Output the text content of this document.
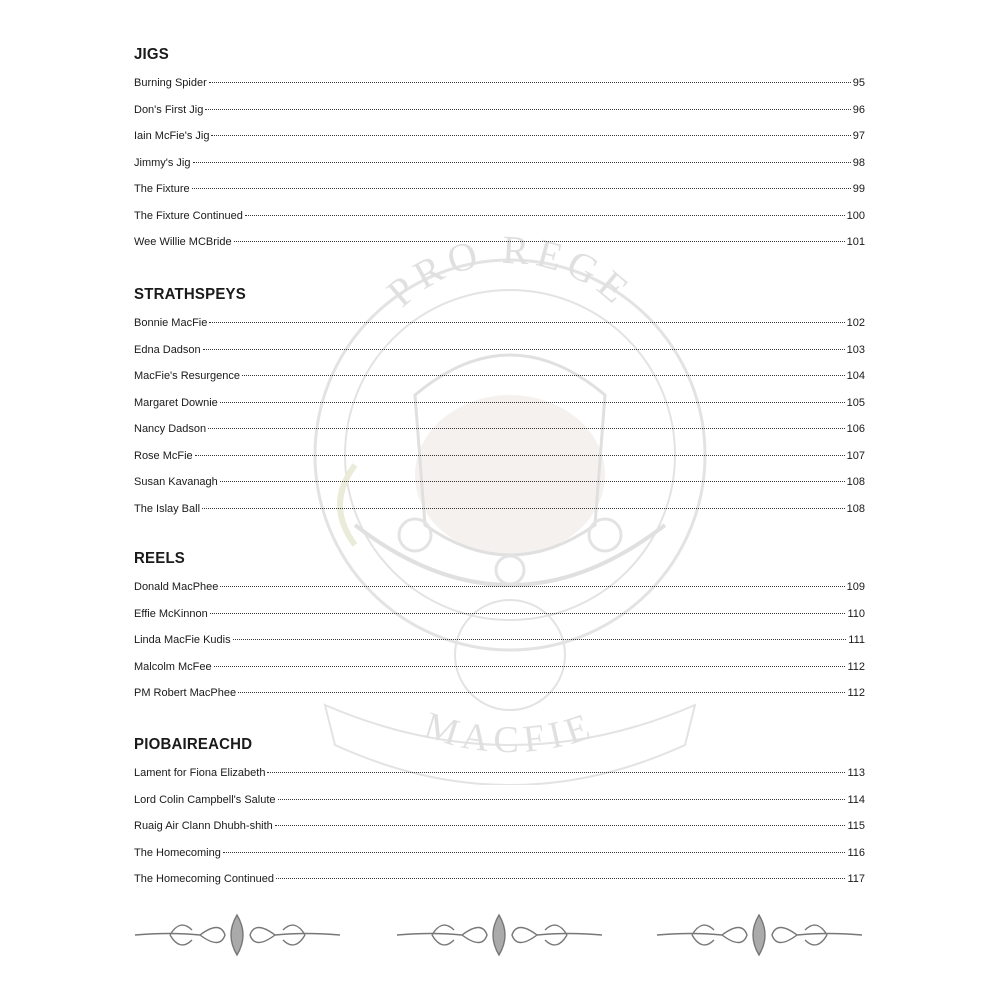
PRO REGE
MACFIE
JIGS
Burning Spider	95
Don's First Jig	96
Iain McFie's Jig	97
Jimmy's Jig	98
The Fixture	99
The Fixture Continued	100
Wee Willie MCBride	101
STRATHSPEYS
Bonnie MacFie	102
Edna Dadson	103
MacFie's Resurgence	104
Margaret Downie	105
Nancy Dadson	106
Rose McFie	107
Susan Kavanagh	108
The Islay Ball	108
REELS
Donald MacPhee	109
Effie McKinnon	110
Linda MacFie Kudis	111
Malcolm McFee	112
PM Robert MacPhee	112
PIOBAIREACHD
Lament for Fiona Elizabeth	113
Lord Colin Campbell's Salute	114
Ruaig Air Clann Dhubh-shith	115
The Homecoming	116
The Homecoming Continued	117
